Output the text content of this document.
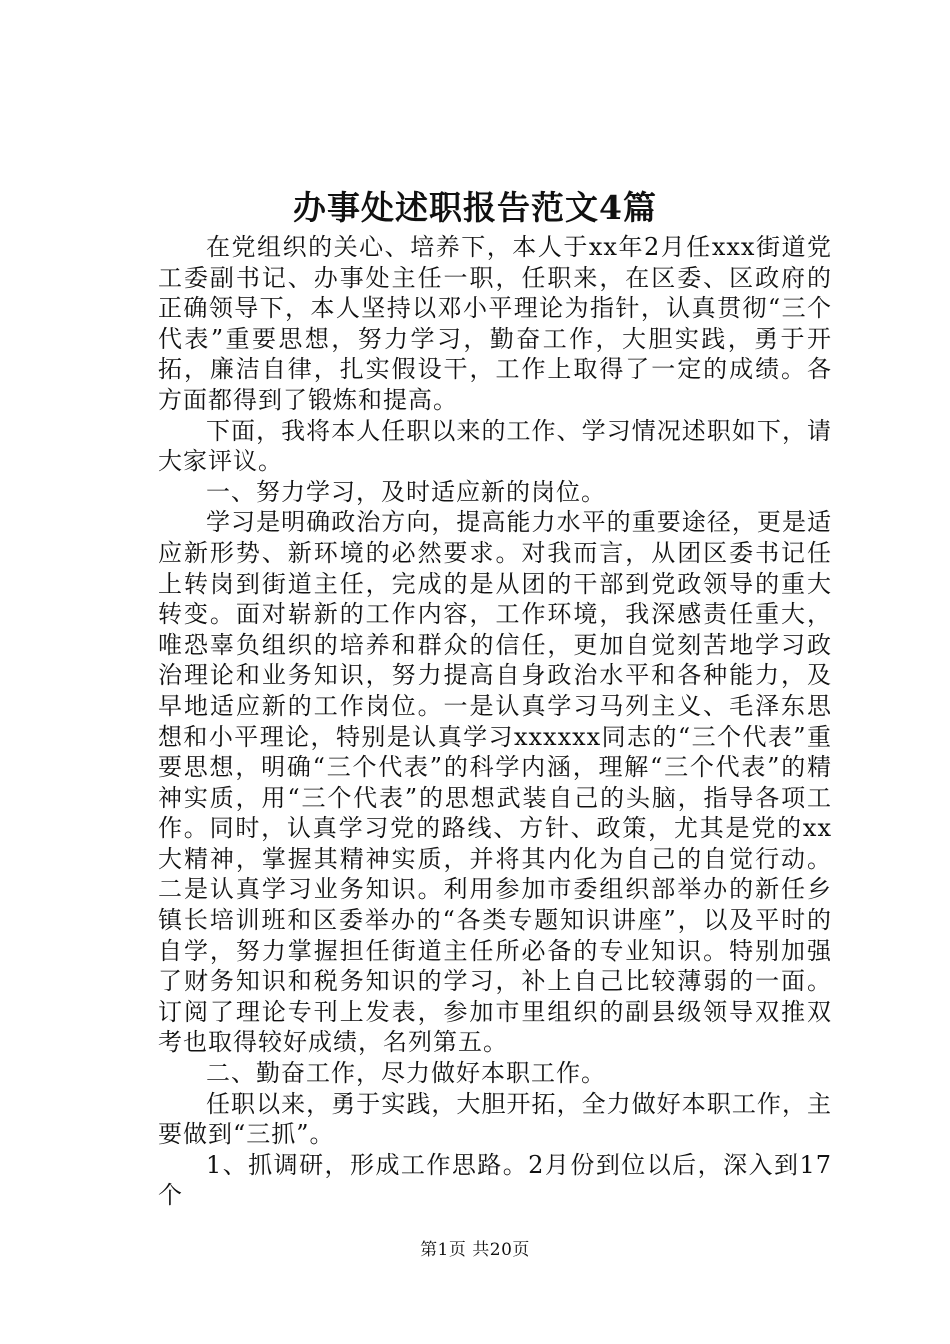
办事处述职报告范文4篇

在党组织的关心、培养下，本人于xx年2月任xxx街道党工委副书记、办事处主任一职，任职来，在区委、区政府的正确领导下，本人坚持以邓小平理论为指针，认真贯彻“三个代表”重要思想，努力学习，勤奋工作，大胆实践，勇于开拓，廉洁自律，扎实假设干，工作上取得了一定的成绩。各方面都得到了锻炼和提高。

下面，我将本人任职以来的工作、学习情况述职如下，请大家评议。

一、努力学习，及时适应新的岗位。

学习是明确政治方向，提高能力水平的重要途径，更是适应新形势、新环境的必然要求。对我而言，从团区委书记任上转岗到街道主任，完成的是从团的干部到党政领导的重大转变。面对崭新的工作内容，工作环境，我深感责任重大，唯恐辜负组织的培养和群众的信任，更加自觉刻苦地学习政治理论和业务知识，努力提高自身政治水平和各种能力，及早地适应新的工作岗位。一是认真学习马列主义、毛泽东思想和小平理论，特别是认真学习xxxxxx同志的“三个代表”重要思想，明确“三个代表”的科学内涵，理解“三个代表”的精神实质，用“三个代表”的思想武装自己的头脑，指导各项工作。同时，认真学习党的路线、方针、政策，尤其是党的xx大精神，掌握其精神实质，并将其内化为自己的自觉行动。二是认真学习业务知识。利用参加市委组织部举办的新任乡镇长培训班和区委举办的“各类专题知识讲座”，以及平时的自学，努力掌握担任街道主任所必备的专业知识。特别加强了财务知识和税务知识的学习，补上自己比较薄弱的一面。订阅了理论专刊上发表，参加市里组织的副县级领导双推双考也取得较好成绩，名列第五。

二、勤奋工作，尽力做好本职工作。

任职以来，勇于实践，大胆开拓，全力做好本职工作，主要做到“三抓”。

1、抓调研，形成工作思路。2月份到位以后，深入到17个

第1页 共20页
